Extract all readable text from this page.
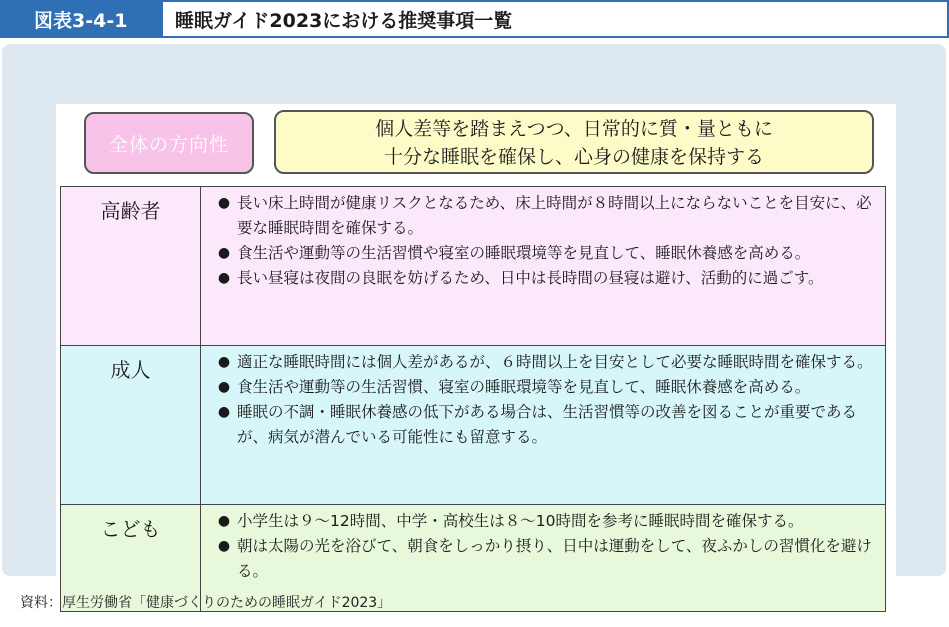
図表3-4-1	睡眠ガイド2023における推奨事項一覧
全体の方向性
個人差等を踏まえつつ、日常的に質・量ともに
十分な睡眠を確保し、心身の健康を保持する
高齢者	● 長い床上時間が健康リスクとなるため、床上時間が８時間以上にならないことを目安に、必要な睡眠時間を確保する。
● 食生活や運動等の生活習慣や寝室の睡眠環境等を見直して、睡眠休養感を高める。
● 長い昼寝は夜間の良眠を妨げるため、日中は長時間の昼寝は避け、活動的に過ごす。
成人	● 適正な睡眠時間には個人差があるが、６時間以上を目安として必要な睡眠時間を確保する。
● 食生活や運動等の生活習慣、寝室の睡眠環境等を見直して、睡眠休養感を高める。
● 睡眠の不調・睡眠休養感の低下がある場合は、生活習慣等の改善を図ることが重要であるが、病気が潜んでいる可能性にも留意する。
こども	● 小学生は９～12時間、中学・高校生は８～10時間を参考に睡眠時間を確保する。
● 朝は太陽の光を浴びて、朝食をしっかり摂り、日中は運動をして、夜ふかしの習慣化を避ける。
資料：厚生労働省「健康づくりのための睡眠ガイド2023」
